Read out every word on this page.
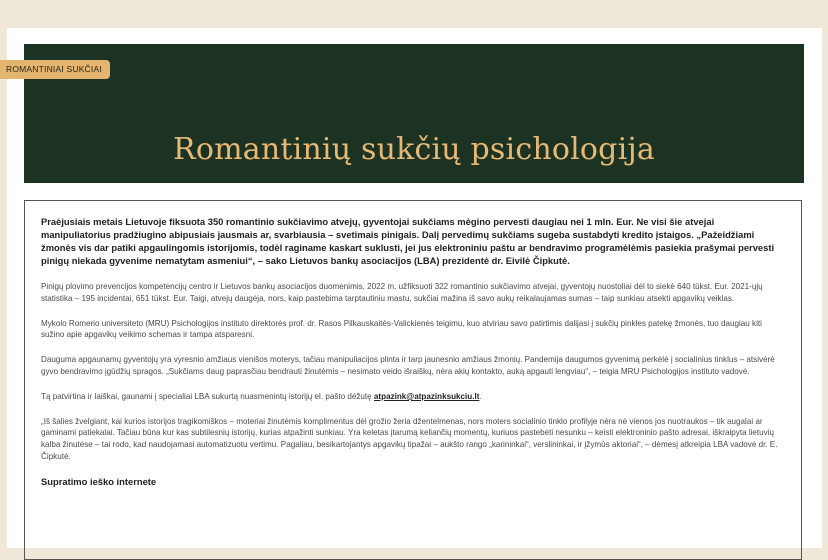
Romantinių sukčių psichologija
ROMANTINIAI SUKČIAI

Praėjusiais metais Lietuvoje fiksuota 350 romantinio sukčiavimo atvejų, gyventojai sukčiams mėgino pervesti daugiau nei 1 mln. Eur. Ne visi šie atvejai manipuliatorius pradžiugino abipusiais jausmais ar, svarbiausia – svetimais pinigais. Dalį pervedimų sukčiams sugeba sustabdyti kredito įstaigos. „Pažeidžiami žmonės vis dar patiki apgaulingomis istorijomis, todėl raginame kaskart suklusti, jei jus elektroniniu paštu ar bendravimo programėlėmis pasiekia prašymai pervesti pinigų niekada gyvenime nematytam asmeniui“, – sako Lietuvos bankų asociacijos (LBA) prezidentė dr. Eivilė Čipkutė.

Pinigų plovimo prevencijos kompetencijų centro ir Lietuvos bankų asociacijos duomenimis, 2022 m. užfiksuoti 322 romantinio sukčiavimo atvejai, gyventojų nuostoliai dėl to siekė 640 tūkst. Eur. 2021-ųjų statistika – 195 incidentai, 651 tūkst. Eur. Taigi, atvejų daugėja, nors, kaip pastebima tarptautiniu mastu, sukčiai mažina iš savo aukų reikalaujamas sumas – taip sunkiau atsekti apgavikų veiklas.

Mykolo Romerio universiteto (MRU) Psichologijos instituto direktorės prof. dr. Rasos Pilkauskaitės-Valickienės teigimu, kuo atviriau savo patirtimis dalijasi į sukčių pinkles patekę žmonės, tuo daugiau kiti sužino apie apgavikų veikimo schemas ir tampa atsparesni.

Dauguma apgaunamų gyventojų yra vyresnio amžiaus vienišos moterys, tačiau manipuliacijos plinta ir tarp jaunesnio amžiaus žmonių. Pandemija daugumos gyvenimą perkėlė į socialinius tinklus – atsivėrė gyvo bendravimo įgūdžių spragos. „Sukčiams daug paprasčiau bendrauti žinutėmis – nesimato veido išraiškų, nėra akių kontakto, auką apgauti lengviau“, – teigia MRU Psichologijos instituto vadovė.

Tą patvirtina ir laiškai, gaunami į specialiai LBA sukurtą nuasmenintų istorijų el. pašto dėžutę atpazink@atpazinksukciu.lt.

„Iš šalies žvelgiant, kai kurios istorijos tragikomiškos – moteriai žinutėmis komplimentus dėl grožio žeria džentelmenas, nors moters socialinio tinklo profilyje nėra nė vienos jos nuotraukos – tik augalai ar gaminami patiekalai. Tačiau būna kur kas subtilesnių istorijų, kurias atpažinti sunkiau. Yra keletas įtarumą keliančių momentų, kuriuos pastebėti nesunku – keisti elektroninio pašto adresai, iškraipyta lietuvių kalba žinutėse – tai rodo, kad naudojamasi automatizuotu vertimu. Pagaliau, besikartojantys apgavikų tipažai – aukšto rango „karininkai“, verslininkai, ir įžymūs aktoriai“, – dėmesį atkreipia LBA vadovė dr. E. Čipkutė.

Supratimo ieško internete
